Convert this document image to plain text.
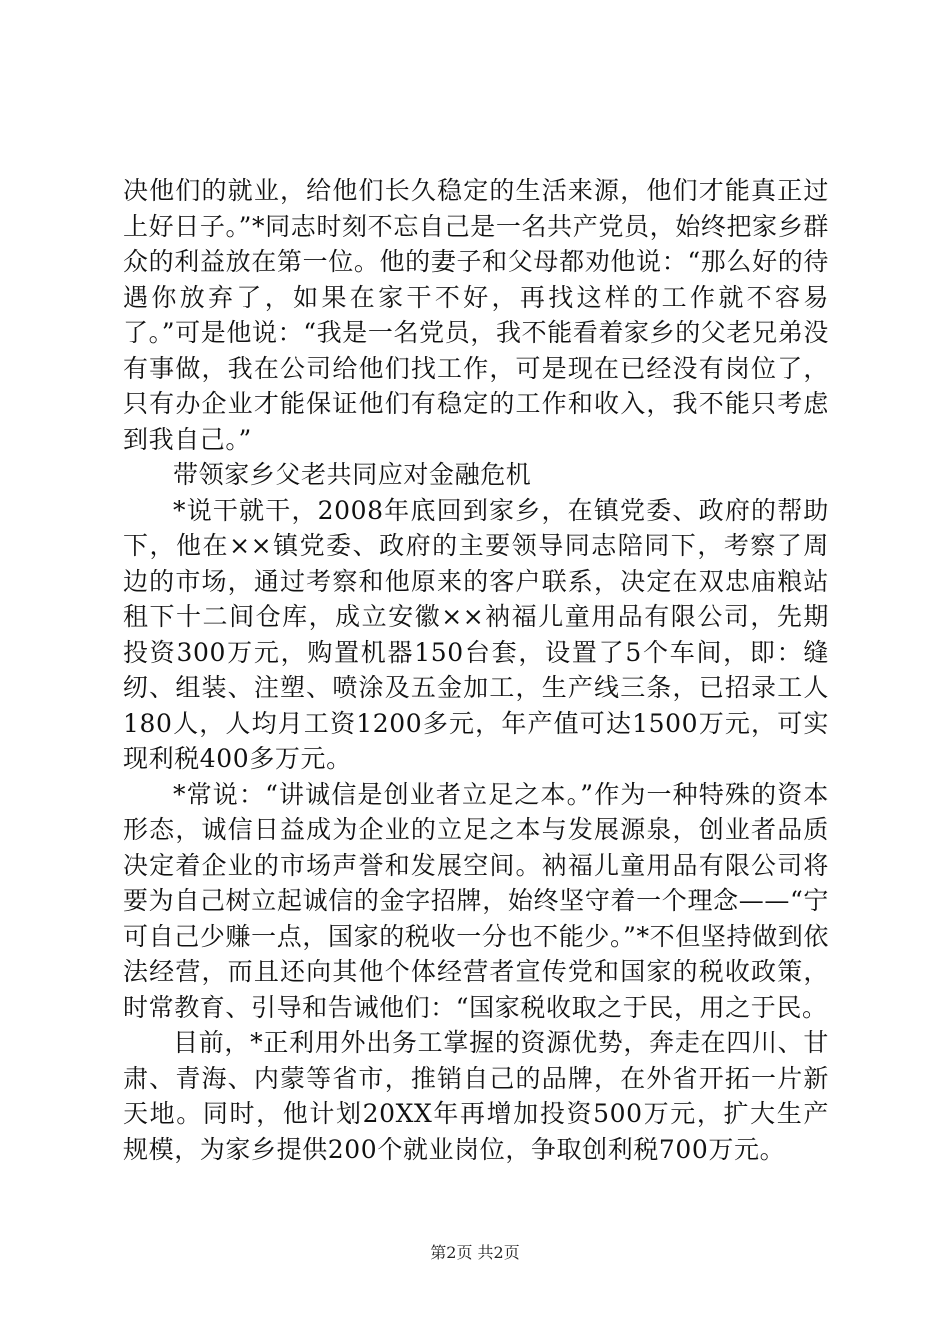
决他们的就业，给他们长久稳定的生活来源，他们才能真正过上好日子。”*同志时刻不忘自己是一名共产党员，始终把家乡群众的利益放在第一位。他的妻子和父母都劝他说：“那么好的待遇你放弃了，如果在家干不好，再找这样的工作就不容易了。”可是他说：“我是一名党员，我不能看着家乡的父老兄弟没有事做，我在公司给他们找工作，可是现在已经没有岗位了，只有办企业才能保证他们有稳定的工作和收入，我不能只考虑到我自己。”

带领家乡父老共同应对金融危机

*说干就干，2008年底回到家乡，在镇党委、政府的帮助下，他在××镇党委、政府的主要领导同志陪同下，考察了周边的市场，通过考察和他原来的客户联系，决定在双忠庙粮站租下十二间仓库，成立安徽××衲福儿童用品有限公司，先期投资300万元，购置机器150台套，设置了5个车间，即：缝纫、组装、注塑、喷涂及五金加工，生产线三条，已招录工人180人，人均月工资1200多元，年产值可达1500万元，可实现利税400多万元。

*常说：“讲诚信是创业者立足之本。”作为一种特殊的资本形态，诚信日益成为企业的立足之本与发展源泉，创业者品质决定着企业的市场声誉和发展空间。衲福儿童用品有限公司将要为自己树立起诚信的金字招牌，始终坚守着一个理念——“宁可自己少赚一点，国家的税收一分也不能少。”*不但坚持做到依法经营，而且还向其他个体经营者宣传党和国家的税收政策，时常教育、引导和告诫他们：“国家税收取之于民，用之于民。

目前，*正利用外出务工掌握的资源优势，奔走在四川、甘肃、青海、内蒙等省市，推销自己的品牌，在外省开拓一片新天地。同时，他计划20XX年再增加投资500万元，扩大生产规模，为家乡提供200个就业岗位，争取创利税700万元。

第2页 共2页
